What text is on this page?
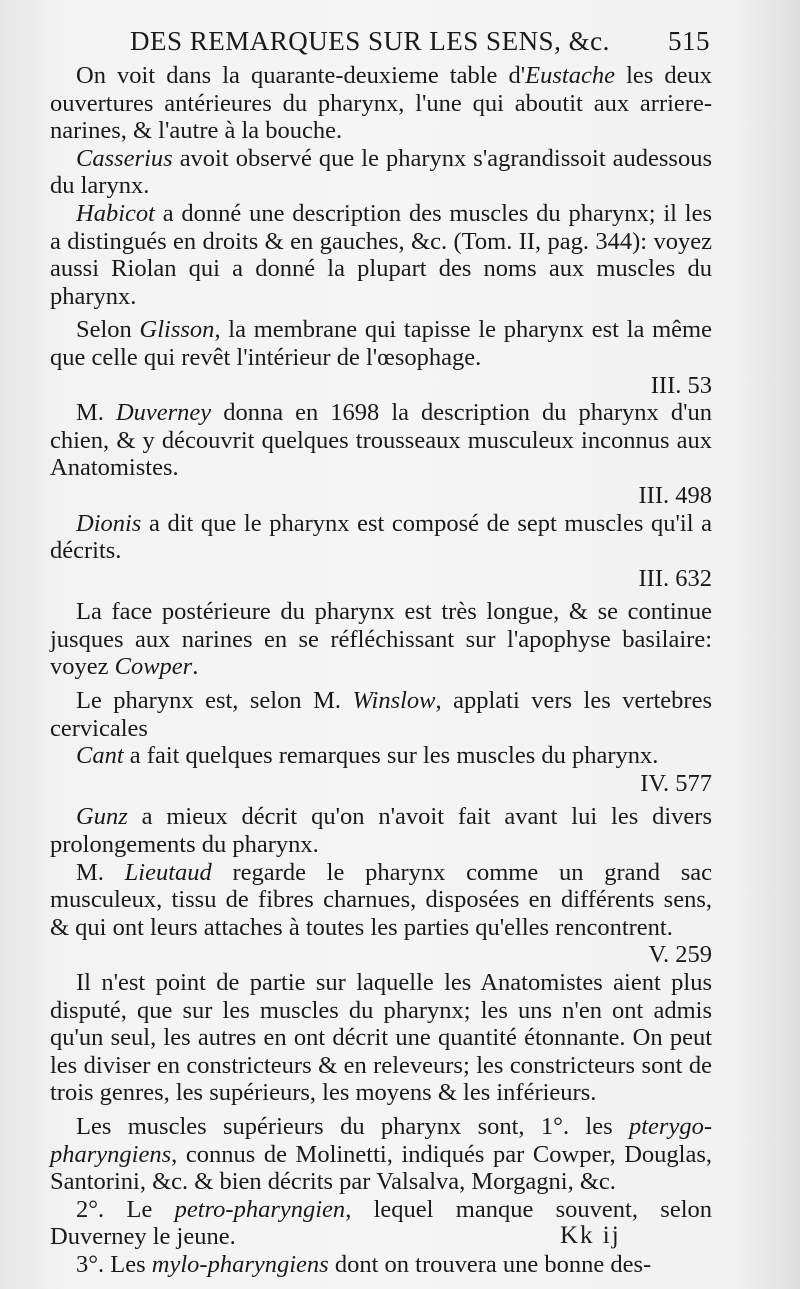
DES REMARQUES SUR LES SENS, &c. 515

On voit dans la quarante-deuxieme table d'Eustache les deux ouvertures antérieures du pharynx, l'une qui aboutit aux arriere-narines, & l'autre à la bouche.

Casserius avoit observé que le pharynx s'agrandissoit audessous du larynx.

Habicot a donné une description des muscles du pharynx; il les a distingués en droits & en gauches, &c. (Tom. II, pag. 344): voyez aussi Riolan qui a donné la plupart des noms aux muscles du pharynx.

Selon Glisson, la membrane qui tapisse le pharynx est la même que celle qui revêt l'intérieur de l'œsophage.
III. 53

M. Duverney donna en 1698 la description du pharynx d'un chien, & y découvrit quelques trousseaux musculeux inconnus aux Anatomistes.
III. 498

Dionis a dit que le pharynx est composé de sept muscles qu'il a décrits.
III. 632

La face postérieure du pharynx est très longue, & se continue jusques aux narines en se réfléchissant sur l'apophyse basilaire: voyez Cowper.

Le pharynx est, selon M. Winslow, applati vers les vertebres cervicales

Cant a fait quelques remarques sur les muscles du pharynx.
IV. 577

Gunz a mieux décrit qu'on n'avoit fait avant lui les divers prolongements du pharynx.

M. Lieutaud regarde le pharynx comme un grand sac musculeux, tissu de fibres charnues, disposées en différents sens, & qui ont leurs attaches à toutes les parties qu'elles rencontrent.
V. 259

Il n'est point de partie sur laquelle les Anatomistes aient plus disputé, que sur les muscles du pharynx; les uns n'en ont admis qu'un seul, les autres en ont décrit une quantité étonnante. On peut les diviser en constricteurs & en releveurs; les constricteurs sont de trois genres, les supérieurs, les moyens & les inférieurs.

Les muscles supérieurs du pharynx sont, 1°. les pterygo-pharyngiens, connus de Molinetti, indiqués par Cowper, Douglas, Santorini, &c. & bien décrits par Valsalva, Morgagni, &c.

2°. Le petro-pharyngien, lequel manque souvent, selon Duverney le jeune.

3°. Les mylo-pharyngiens dont on trouvera une bonne des-

Kk ij
